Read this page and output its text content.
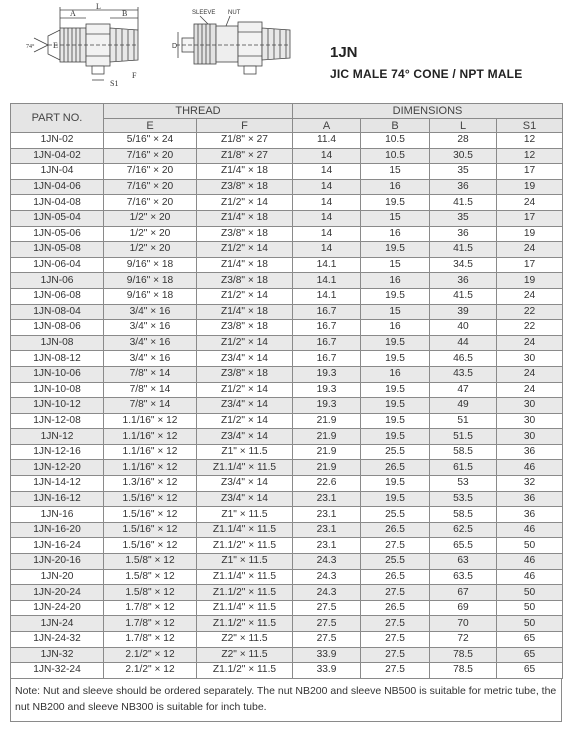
A
L
B
E
S1
F
74°
SLEEVE NUT
D	1JN
JIC MALE 74° CONE / NPT MALE
PART NO.	THREAD		DIMENSIONS			
	E	F	A	B	L	S1
1JN-02	5/16" × 24	Z1/8" × 27	11.4	10.5	28	12
1JN-04-02	7/16" × 20	Z1/8" × 27	14	10.5	30.5	12
1JN-04	7/16" × 20	Z1/4" × 18	14	15	35	17
1JN-04-06	7/16" × 20	Z3/8" × 18	14	16	36	19
1JN-04-08	7/16" × 20	Z1/2" × 14	14	19.5	41.5	24
1JN-05-04	1/2" × 20	Z1/4" × 18	14	15	35	17
1JN-05-06	1/2" × 20	Z3/8" × 18	14	16	36	19
1JN-05-08	1/2" × 20	Z1/2" × 14	14	19.5	41.5	24
1JN-06-04	9/16" × 18	Z1/4" × 18	14.1	15	34.5	17
1JN-06	9/16" × 18	Z3/8" × 18	14.1	16	36	19
1JN-06-08	9/16" × 18	Z1/2" × 14	14.1	19.5	41.5	24
1JN-08-04	3/4" × 16	Z1/4" × 18	16.7	15	39	22
1JN-08-06	3/4" × 16	Z3/8" × 18	16.7	16	40	22
1JN-08	3/4" × 16	Z1/2" × 14	16.7	19.5	44	24
1JN-08-12	3/4" × 16	Z3/4" × 14	16.7	19.5	46.5	30
1JN-10-06	7/8" × 14	Z3/8" × 18	19.3	16	43.5	24
1JN-10-08	7/8" × 14	Z1/2" × 14	19.3	19.5	47	24
1JN-10-12	7/8" × 14	Z3/4" × 14	19.3	19.5	49	30
1JN-12-08	1.1/16" × 12	Z1/2" × 14	21.9	19.5	51	30
1JN-12	1.1/16" × 12	Z3/4" × 14	21.9	19.5	51.5	30
1JN-12-16	1.1/16" × 12	Z1" × 11.5	21.9	25.5	58.5	36
1JN-12-20	1.1/16" × 12	Z1.1/4" × 11.5	21.9	26.5	61.5	46
1JN-14-12	1.3/16" × 12	Z3/4" × 14	22.6	19.5	53	32
1JN-16-12	1.5/16" × 12	Z3/4" × 14	23.1	19.5	53.5	36
1JN-16	1.5/16" × 12	Z1" × 11.5	23.1	25.5	58.5	36
1JN-16-20	1.5/16" × 12	Z1.1/4" × 11.5	23.1	26.5	62.5	46
1JN-16-24	1.5/16" × 12	Z1.1/2" × 11.5	23.1	27.5	65.5	50
1JN-20-16	1.5/8" × 12	Z1" × 11.5	24.3	25.5	63	46
1JN-20	1.5/8" × 12	Z1.1/4" × 11.5	24.3	26.5	63.5	46
1JN-20-24	1.5/8" × 12	Z1.1/2" × 11.5	24.3	27.5	67	50
1JN-24-20	1.7/8" × 12	Z1.1/4" × 11.5	27.5	26.5	69	50
1JN-24	1.7/8" × 12	Z1.1/2" × 11.5	27.5	27.5	70	50
1JN-24-32	1.7/8" × 12	Z2" × 11.5	27.5	27.5	72	65
1JN-32	2.1/2" × 12	Z2" × 11.5	33.9	27.5	78.5	65
1JN-32-24	2.1/2" × 12	Z1.1/2" × 11.5	33.9	27.5	78.5	65
Note: Nut and sleeve should be ordered separately. The nut NB200 and sleeve NB500 is suitable for metric tube, the nut NB200 and sleeve NB300 is suitable for inch tube.
